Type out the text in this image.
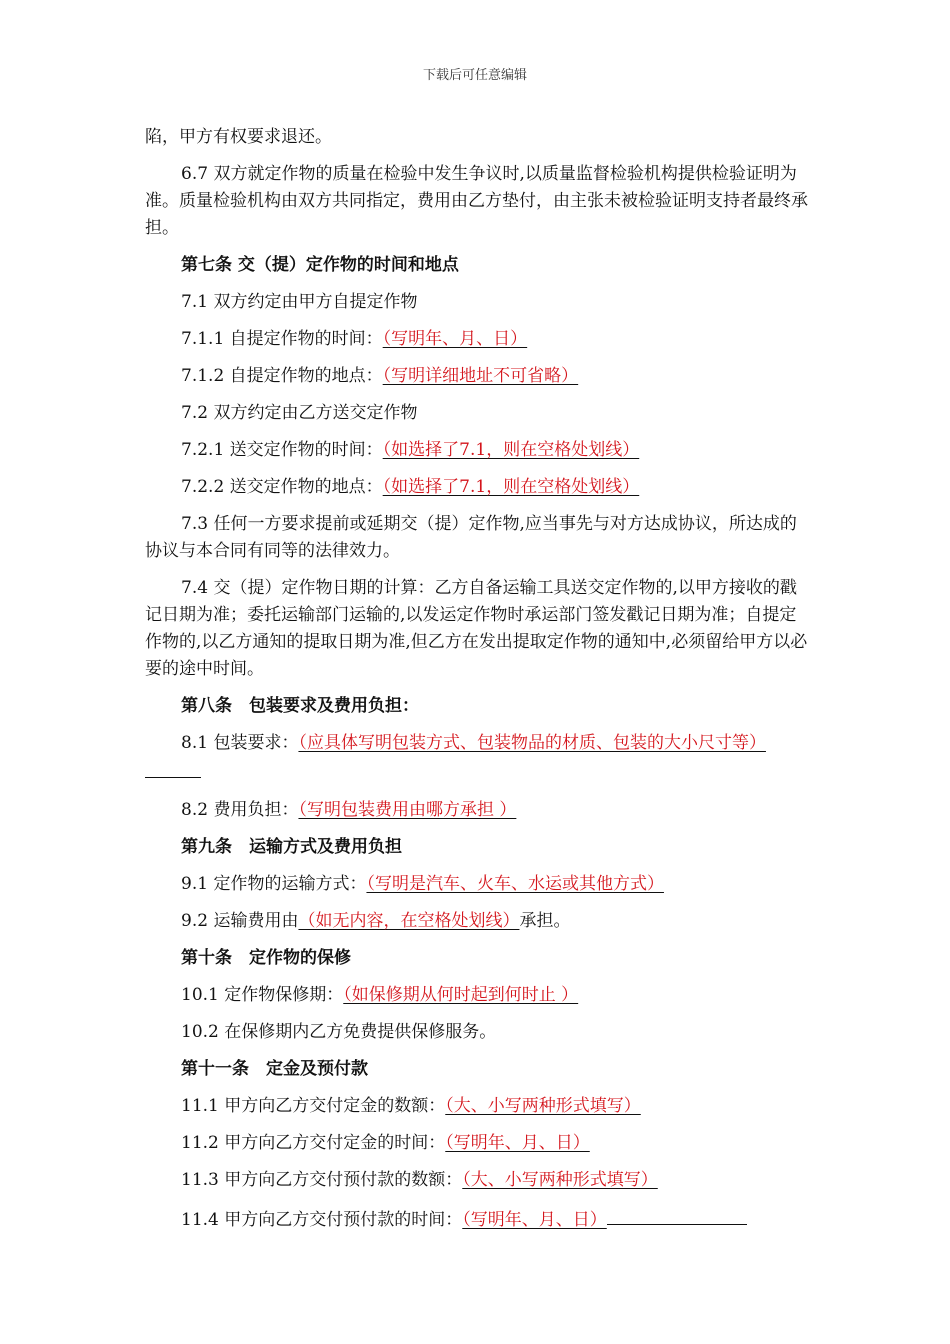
下载后可任意编辑

陷，甲方有权要求退还。

6.7 双方就定作物的质量在检验中发生争议时,以质量监督检验机构提供检验证明为准。质量检验机构由双方共同指定，费用由乙方垫付，由主张未被检验证明支持者最终承担。

第七条 交（提）定作物的时间和地点

7.1 双方约定由甲方自提定作物

7.1.1 自提定作物的时间：（写明年、月、日）

7.1.2 自提定作物的地点：（写明详细地址不可省略）

7.2 双方约定由乙方送交定作物

7.2.1 送交定作物的时间：（如选择了7.1，则在空格处划线）

7.2.2 送交定作物的地点：（如选择了7.1，则在空格处划线）

7.3 任何一方要求提前或延期交（提）定作物,应当事先与对方达成协议，所达成的协议与本合同有同等的法律效力。

7.4 交（提）定作物日期的计算：乙方自备运输工具送交定作物的,以甲方接收的戳记日期为准；委托运输部门运输的,以发运定作物时承运部门签发戳记日期为准；自提定作物的,以乙方通知的提取日期为准,但乙方在发出提取定作物的通知中,必须留给甲方以必要的途中时间。

第八条　包装要求及费用负担：

8.1 包装要求：（应具体写明包装方式、包装物品的材质、包装的大小尺寸等）

8.2 费用负担：（写明包装费用由哪方承担 ）

第九条　运输方式及费用负担

9.1 定作物的运输方式：（写明是汽车、火车、水运或其他方式）

9.2 运输费用由（如无内容，在空格处划线）承担。

第十条　定作物的保修

10.1 定作物保修期：（如保修期从何时起到何时止 ）

10.2 在保修期内乙方免费提供保修服务。

第十一条　定金及预付款

11.1 甲方向乙方交付定金的数额：（大、小写两种形式填写）

11.2 甲方向乙方交付定金的时间：（写明年、月、日）

11.3 甲方向乙方交付预付款的数额：（大、小写两种形式填写）

11.4 甲方向乙方交付预付款的时间：（写明年、月、日）
